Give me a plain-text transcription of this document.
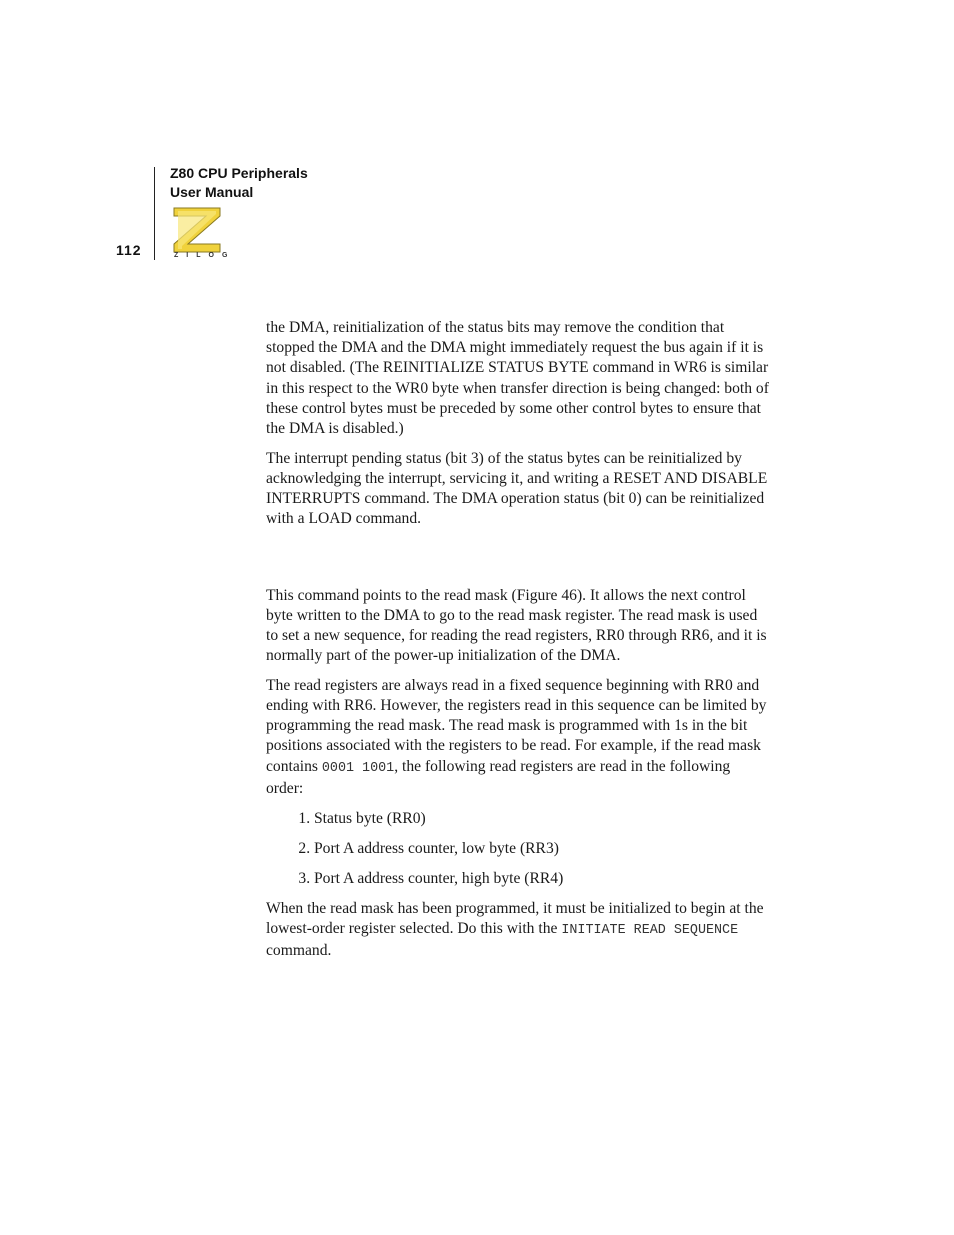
Z80 CPU Peripherals
User Manual
112	ZILOG

the DMA, reinitialization of the status bits may remove the condition that stopped the DMA and the DMA might immediately request the bus again if it is not disabled. (The REINITIALIZE STATUS BYTE command in WR6 is similar in this respect to the WR0 byte when transfer direction is being changed: both of these control bytes must be preceded by some other control bytes to ensure that the DMA is disabled.)

The interrupt pending status (bit 3) of the status bytes can be reinitialized by acknowledging the interrupt, servicing it, and writing a RESET AND DISABLE INTERRUPTS command. The DMA operation status (bit 0) can be reinitialized with a LOAD command.

This command points to the read mask (Figure 46). It allows the next control byte written to the DMA to go to the read mask register. The read mask is used to set a new sequence, for reading the read registers, RR0 through RR6, and it is normally part of the power-up initialization of the DMA.

The read registers are always read in a fixed sequence beginning with RR0 and ending with RR6. However, the registers read in this sequence can be limited by programming the read mask. The read mask is programmed with 1s in the bit positions associated with the registers to be read. For example, if the read mask contains 0001 1001, the following read registers are read in the following order:

1. Status byte (RR0)
2. Port A address counter, low byte (RR3)
3. Port A address counter, high byte (RR4)

When the read mask has been programmed, it must be initialized to begin at the lowest-order register selected. Do this with the INITIATE READ SEQUENCE command.
